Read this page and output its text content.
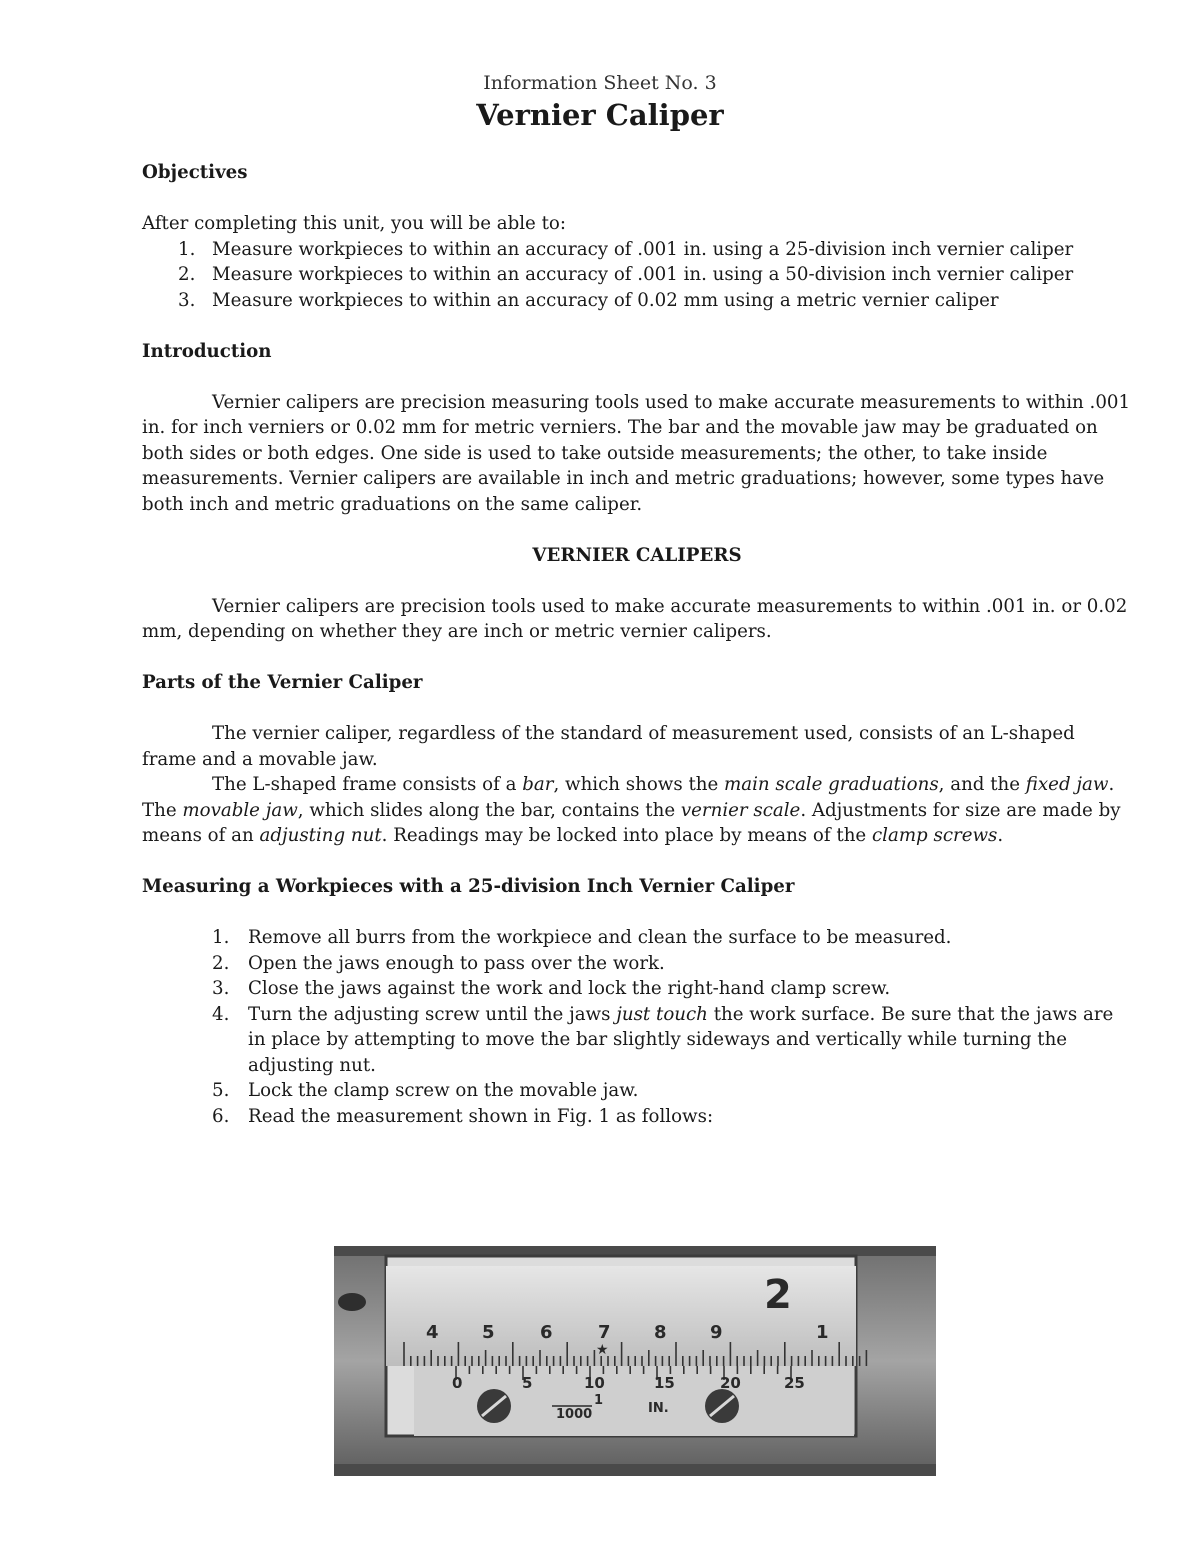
Information Sheet No. 3
Vernier Caliper

Objectives

After completing this unit, you will be able to:

1. Measure workpieces to within an accuracy of .001 in. using a 25-division inch vernier caliper
2. Measure workpieces to within an accuracy of .001 in. using a 50-division inch vernier caliper
3. Measure workpieces to within an accuracy of 0.02 mm using a metric vernier caliper

Introduction

Vernier calipers are precision measuring tools used to make accurate measurements to within .001 in. for inch verniers or 0.02 mm for metric verniers. The bar and the movable jaw may be graduated on both sides or both edges. One side is used to take outside measurements; the other, to take inside measurements. Vernier calipers are available in inch and metric graduations; however, some types have both inch and metric graduations on the same caliper.

VERNIER CALIPERS

Vernier calipers are precision tools used to make accurate measurements to within .001 in. or 0.02 mm, depending on whether they are inch or metric vernier calipers.

Parts of the Vernier Caliper

The vernier caliper, regardless of the standard of measurement used, consists of an L-shaped frame and a movable jaw.

The L-shaped frame consists of a bar, which shows the main scale graduations, and the fixed jaw. The movable jaw, which slides along the bar, contains the vernier scale. Adjustments for size are made by means of an adjusting nut. Readings may be locked into place by means of the clamp screws.

Measuring a Workpieces with a 25-division Inch Vernier Caliper

1. Remove all burrs from the workpiece and clean the surface to be measured.
2. Open the jaws enough to pass over the work.
3. Close the jaws against the work and lock the right-hand clamp screw.
4. Turn the adjusting screw until the jaws just touch the work surface. Be sure that the jaws are in place by attempting to move the bar slightly sideways and vertically while turning the adjusting nut.
5. Lock the clamp screw on the movable jaw.
6. Read the measurement shown in Fig. 1 as follows:
2
4 5	6	7 8 9	1
0	5	10	15	20	25
1
1000	IN.
★
